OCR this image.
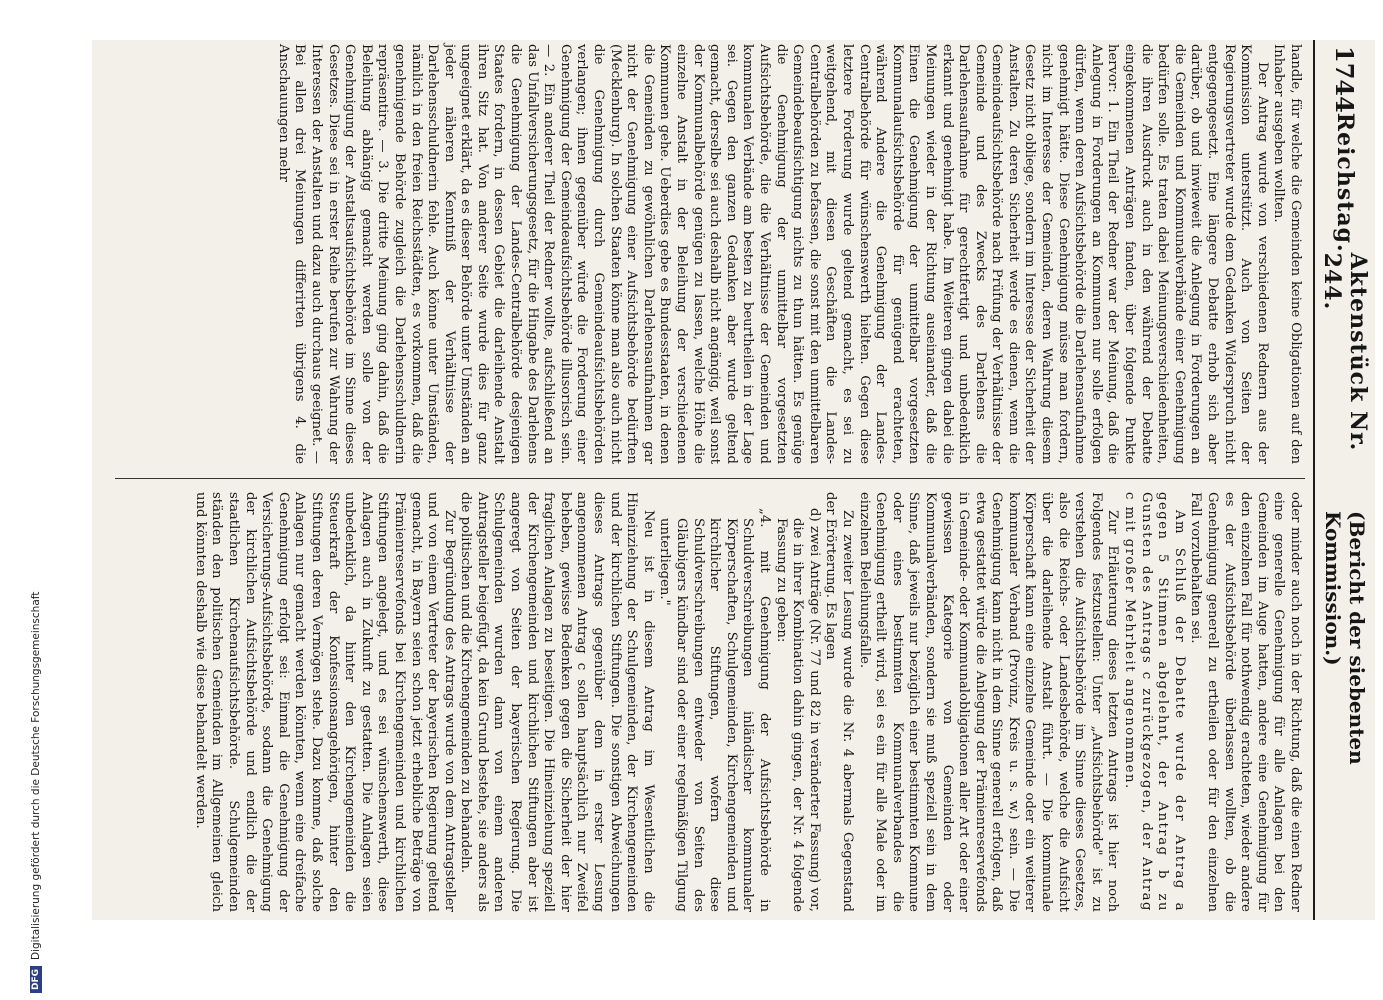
DFGDigitalisierung gefördert durch die Deutsche Forschungsgemeinschaft
1744
Reichstag.
Aktenstück Nr. 244.
(Bericht der siebenten Kommission.)

handle, für welche die Gemeinden keine Obligationen auf den Inhaber ausgeben wollten.

Der Antrag wurde von verschiedenen Rednern aus der Kommission unterstützt. Auch von Seiten der Regierungsvertreter wurde dem Gedanken Widerspruch nicht entgegengesetzt. Eine längere Debatte erhob sich aber darüber, ob und inwieweit die Anlegung in Forderungen an die Gemeinden und Kommunalverbände einer Genehmigung bedürfen solle. Es traten dabei Meinungsverschiedenheiten, die ihren Ausdruck auch in den während der Debatte eingekommenen Anträgen fanden, über folgende Punkte hervor: 1. Ein Theil der Redner war der Meinung, daß die Anlegung in Forderungen an Kommunen nur solle erfolgen dürfen, wenn deren Aufsichtsbehörde die Darlehensaufnahme genehmigt hätte. Diese Genehmigung müsse man fordern, nicht im Interesse der Gemeinden, deren Wahrung diesem Gesetz nicht obliege, sondern im Interesse der Sicherheit der Anstalten. Zu deren Sicherheit werde es dienen, wenn die Gemeindeaufsichtsbehörde nach Prüfung der Verhältnisse der Gemeinde und des Zwecks des Darlehens die Darlehensaufnahme für gerechtfertigt und unbedenklich erkannt und genehmigt habe. Im Weiteren gingen dabei die Meinungen wieder in der Richtung auseinander, daß die Einen die Genehmigung der unmittelbar vorgesetzten Kommunalaufsichtsbehörde für genügend erachteten, während Andere die Genehmigung der Landes-Centralbehörde für wünschenswerth hielten. Gegen diese letztere Forderung wurde geltend gemacht, es sei zu weitgehend, mit diesen Geschäften die Landes-Centralbehörden zu befassen, die sonst mit den unmittelbaren Gemeindebeaufsichtigung nichts zu thun hätten. Es genüge die Genehmigung der unmittelbar vorgesetzten Aufsichtsbehörde, die die Verhältnisse der Gemeinden und kommunalen Verbände am besten zu beurtheilen in der Lage sei. Gegen den ganzen Gedanken aber wurde geltend gemacht, derselbe sei auch deshalb nicht angängig, weil sonst der Kommunalbehörde genügen zu lassen, welche Höhe die einzelne Anstalt in der Beleihung der verschiedenen Kommunen gehe. Ueberdies gebe es Bundesstaaten, in denen die Gemeinden zu gewöhnlichen Darlehensaufnahmen gar nicht der Genehmigung einer Aufsichtsbehörde bedürften (Mecklenburg). In solchen Staaten könne man also auch nicht die Genehmigung durch Gemeindeaufsichtsbehörden verlangen; ihnen gegenüber würde die Forderung einer Genehmigung der Gemeindeaufsichtsbehörde illusorisch sein. — 2. Ein anderer Theil der Redner wollte, aufschließend an das Unfallversicherungsgesetz, für die Hingabe des Darlehens die Genehmigung der Landes-Centralbehörde desjenigen Staates fordern, in dessen Gebiet die darleihende Anstalt ihren Sitz hat. Von anderer Seite wurde dies für ganz ungeeignet erklärt, da es dieser Behörde unter Umständen an jeder näheren Kenntniß der Verhältnisse der Darlehensschuldnerin fehle. Auch könne unter Umständen, nämlich in den freien Reichsstädten, es vorkommen, daß die genehmigende Behörde zugleich die Darlehensschuldnerin repräsentire. — 3. Die dritte Meinung ging dahin, daß die Beleihung abhängig gemacht werden solle von der Genehmigung der Anstaltsaufsichtsbehörde im Sinne dieses Gesetzes. Diese sei in erster Reihe berufen zur Wahrung der Interessen der Anstalten und dazu auch durchaus geeignet. — Bei allen drei Meinungen differirten übrigens 4. die Anschauungen mehr

oder minder auch noch in der Richtung, daß die einen Redner eine generelle Genehmigung für alle Anlagen bei den Gemeinden im Auge hatten, andere eine Genehmigung für den einzelnen Fall für nothwendig erachteten, wieder andere es der Aufsichtsbehörde überlassen wollten, ob die Genehmigung generell zu ertheilen oder für den einzelnen Fall vorzubehalten sei.

Am Schluß der Debatte wurde der Antrag a gegen 5 Stimmen abgelehnt, der Antrag b zu Gunsten des Antrags c zurückgezogen, der Antrag c mit großer Mehrheit angenommen.

Zur Erläuterung dieses letzten Antrags ist hier noch Folgendes festzustellen: Unter „Aufsichtsbehörde" ist zu verstehen die Aufsichtsbehörde im Sinne dieses Gesetzes, also die Reichs- oder Landesbehörde, welche die Aufsicht über die darleihende Anstalt führt. — Die kommunale Körperschaft kann eine einzelne Gemeinde oder ein weiterer kommunaler Verband (Provinz, Kreis u. s. w.) sein. — Die Genehmigung kann nicht in dem Sinne generell erfolgen, daß etwa gestattet würde die Anlegung der Prämienreservefonds in Gemeinde- oder Kommunalobligationen aller Art oder einer gewissen Kategorie von Gemeinden oder Kommunalverbänden, sondern sie muß speziell sein in dem Sinne, daß jeweils nur bezüglich einer bestimmten Kommune oder eines bestimmten Kommunalverbandes die Genehmigung ertheilt wird, sei es ein für alle Male oder im einzelnen Beleihungsfalle.

Zu zweiter Lesung wurde die Nr. 4 abermals Gegenstand der Erörterung. Es lagen

d) zwei Anträge (Nr. 77 und 82 in veränderter Fassung) vor, die in ihrer Kombination dahin gingen, der Nr. 4 folgende Fassung zu geben:

„4. mit Genehmigung der Aufsichtsbehörde in Schuldverschreibungen inländischer kommunaler Körperschaften, Schulgemeinden, Kirchengemeinden und kirchlicher Stiftungen, wofern diese Schuldverschreibungen entweder von Seiten des Gläubigers kündbar sind oder einer regelmäßigen Tilgung unterliegen."

Neu ist in diesem Antrag im Wesentlichen die Hineinziehung der Schulgemeinden, der Kirchengemeinden und der kirchlichen Stiftungen. Die sonstigen Abweichungen dieses Antrags gegenüber dem in erster Lesung angenommenen Antrag c sollen hauptsächlich nur Zweifel beheben, gewisse Bedenken gegen die Sicherheit der hier fraglichen Anlagen zu beseitigen. Die Hineinziehung speziell der Kirchengemeinden und kirchlichen Stiftungen aber ist angeregt von Seiten der bayerischen Regierung. Die Schulgemeinden wurden dann von einem anderen Antragsteller beigefügt, da kein Grund bestehe, sie anders als die politischen und die Kirchengemeinden zu behandeln.

Zur Begründung des Antrags wurde von dem Antragsteller und von einem Vertreter der bayerischen Regierung geltend gemacht, in Bayern seien schon jetzt erhebliche Beträge von Prämienreservefonds bei Kirchengemeinden und kirchlichen Stiftungen angelegt, und es sei wünschenswerth, diese Anlagen auch in Zukunft zu gestatten. Die Anlagen seien unbedenklich, da hinter den Kirchengemeinden die Steuerkraft der Konfessionsangehörigen, hinter den Stiftungen deren Vermögen stehe. Dazu komme, daß solche Anlagen nur gemacht werden könnten, wenn eine dreifache Genehmigung erfolgt sei: Einmal die Genehmigung der Versicherungs-Aufsichtsbehörde, sodann die Genehmigung der kirchlichen Aufsichtsbehörde und endlich die der staatlichen Kirchenaufsichtsbehörde. Schulgemeinden ständen den politischen Gemeinden im Allgemeinen gleich und könnten deshalb wie diese behandelt werden.
